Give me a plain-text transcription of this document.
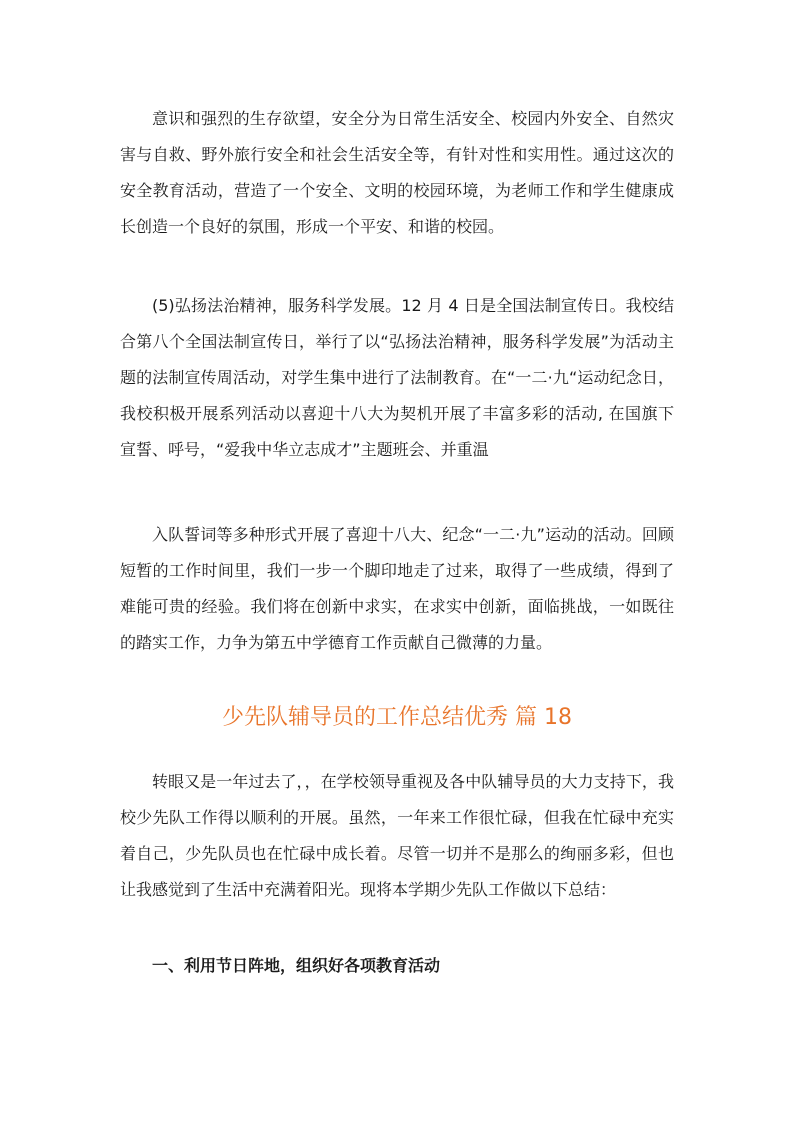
意识和强烈的生存欲望，安全分为日常生活安全、校园内外安全、自然灾害与自救、野外旅行安全和社会生活安全等，有针对性和实用性。通过这次的安全教育活动，营造了一个安全、文明的校园环境，为老师工作和学生健康成长创造一个良好的氛围，形成一个平安、和谐的校园。

(5)弘扬法治精神，服务科学发展。12 月 4 日是全国法制宣传日。我校结合第八个全国法制宣传日，举行了以“弘扬法治精神，服务科学发展”为活动主题的法制宣传周活动，对学生集中进行了法制教育。在“一二·九“运动纪念日，我校积极开展系列活动以喜迎十八大为契机开展了丰富多彩的活动, 在国旗下宣誓、呼号，“爱我中华立志成才”主题班会、并重温

入队誓词等多种形式开展了喜迎十八大、纪念“一二·九”运动的活动。回顾短暂的工作时间里，我们一步一个脚印地走了过来，取得了一些成绩，得到了难能可贵的经验。我们将在创新中求实，在求实中创新，面临挑战，一如既往的踏实工作，力争为第五中学德育工作贡献自己微薄的力量。

少先队辅导员的工作总结优秀 篇 18

转眼又是一年过去了，，在学校领导重视及各中队辅导员的大力支持下，我校少先队工作得以顺利的开展。虽然，一年来工作很忙碌，但我在忙碌中充实着自己，少先队员也在忙碌中成长着。尽管一切并不是那么的绚丽多彩，但也让我感觉到了生活中充满着阳光。现将本学期少先队工作做以下总结：

一、利用节日阵地，组织好各项教育活动
